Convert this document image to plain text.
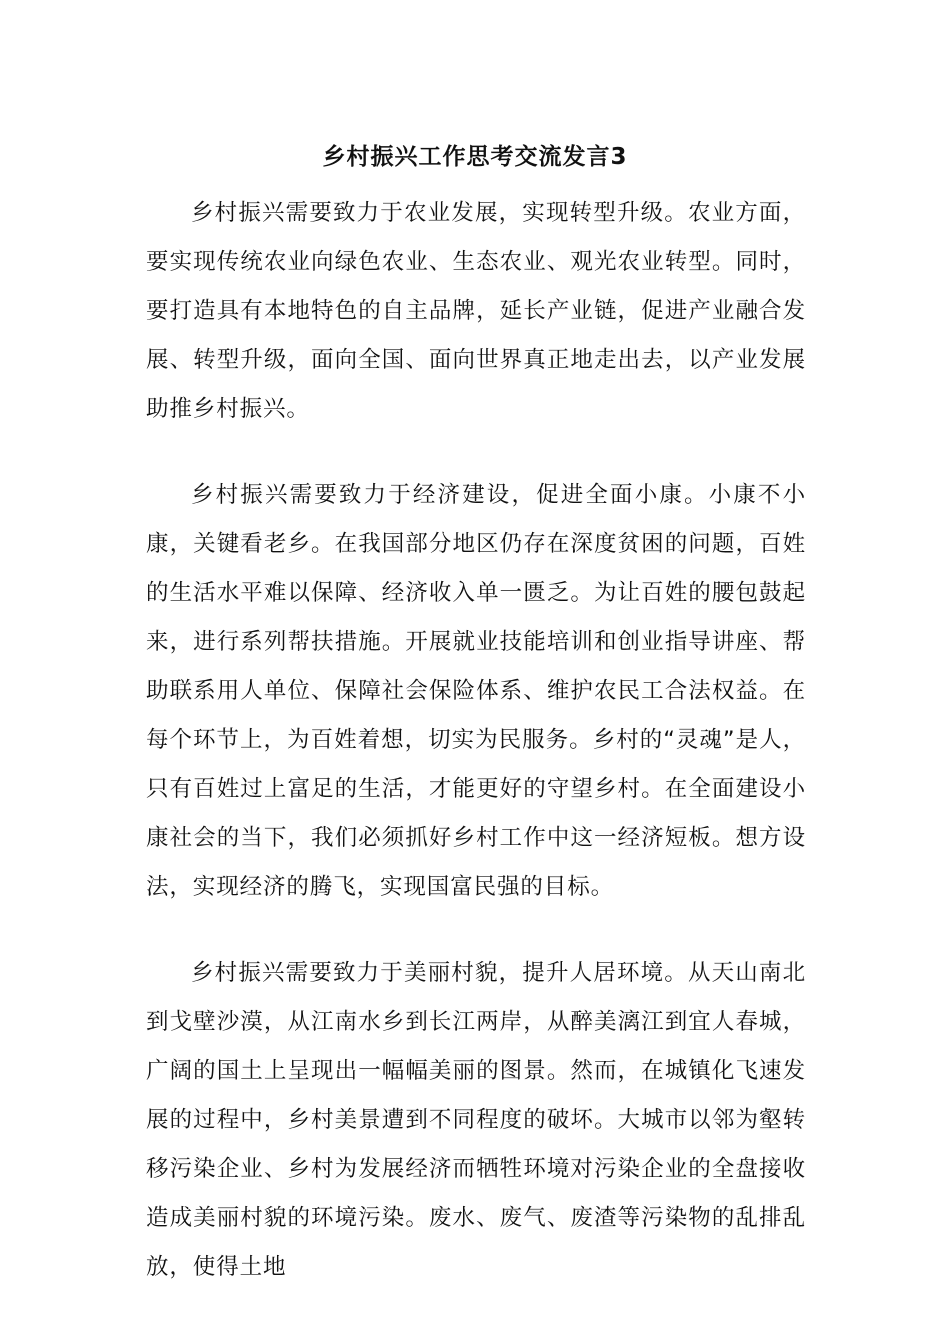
乡村振兴工作思考交流发言3

乡村振兴需要致力于农业发展，实现转型升级。农业方面，要实现传统农业向绿色农业、生态农业、观光农业转型。同时，要打造具有本地特色的自主品牌，延长产业链，促进产业融合发展、转型升级，面向全国、面向世界真正地走出去，以产业发展助推乡村振兴。

乡村振兴需要致力于经济建设，促进全面小康。小康不小康，关键看老乡。在我国部分地区仍存在深度贫困的问题，百姓的生活水平难以保障、经济收入单一匮乏。为让百姓的腰包鼓起来，进行系列帮扶措施。开展就业技能培训和创业指导讲座、帮助联系用人单位、保障社会保险体系、维护农民工合法权益。在每个环节上，为百姓着想，切实为民服务。乡村的“灵魂”是人，只有百姓过上富足的生活，才能更好的守望乡村。在全面建设小康社会的当下，我们必须抓好乡村工作中这一经济短板。想方设法，实现经济的腾飞，实现国富民强的目标。

乡村振兴需要致力于美丽村貌，提升人居环境。从天山南北到戈壁沙漠，从江南水乡到长江两岸，从醉美漓江到宜人春城，广阔的国土上呈现出一幅幅美丽的图景。然而，在城镇化飞速发展的过程中，乡村美景遭到不同程度的破坏。大城市以邻为壑转移污染企业、乡村为发展经济而牺牲环境对污染企业的全盘接收造成美丽村貌的环境污染。废水、废气、废渣等污染物的乱排乱放，使得土地
